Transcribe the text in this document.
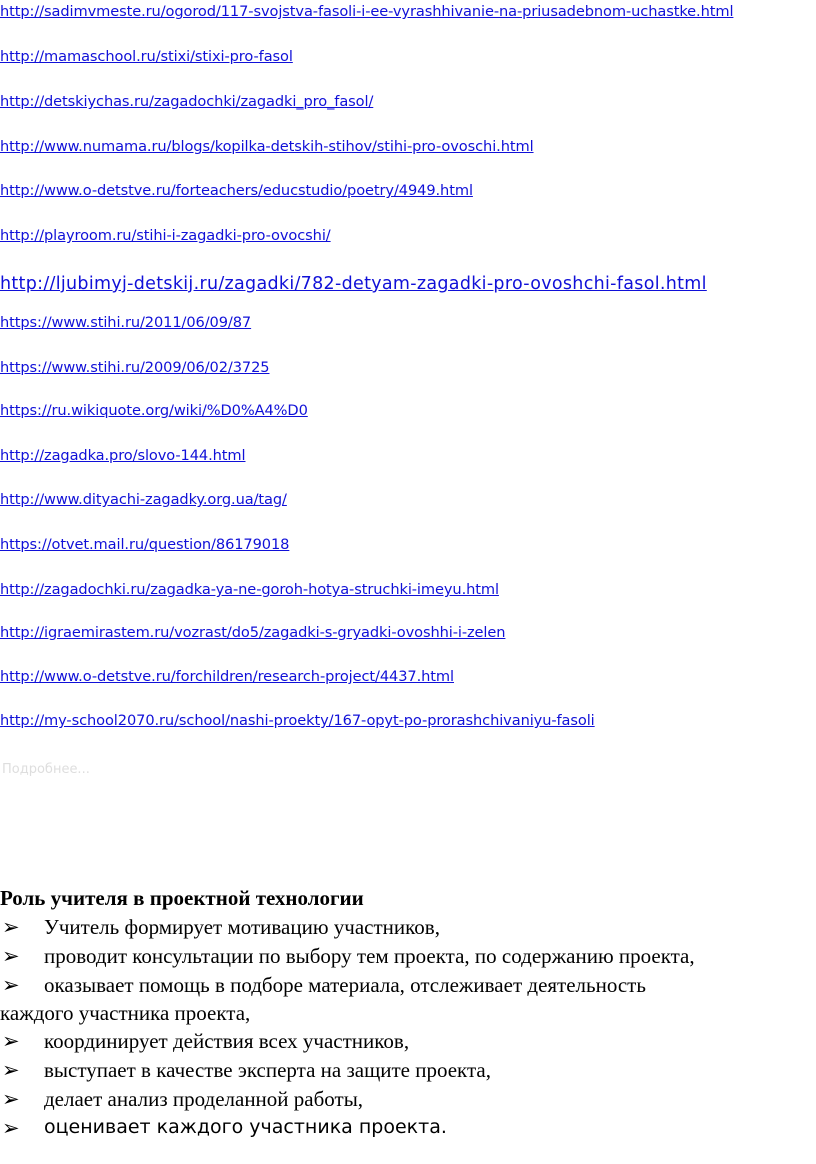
http://sadimvmeste.ru/ogorod/117-svojstva-fasoli-i-ee-vyrashhivanie-na-priusadebnom-uchastke.html
http://mamaschool.ru/stixi/stixi-pro-fasol
http://detskiychas.ru/zagadochki/zagadki_pro_fasol/
http://www.numama.ru/blogs/kopilka-detskih-stihov/stihi-pro-ovoschi.html
http://www.o-detstve.ru/forteachers/educstudio/poetry/4949.html
http://playroom.ru/stihi-i-zagadki-pro-ovocshi/
http://ljubimyj-detskij.ru/zagadki/782-detyam-zagadki-pro-ovoshchi-fasol.html
https://www.stihi.ru/2011/06/09/87
https://www.stihi.ru/2009/06/02/3725
https://ru.wikiquote.org/wiki/%D0%A4%D0
http://zagadka.pro/slovo-144.html
http://www.dityachi-zagadky.org.ua/tag/
https://otvet.mail.ru/question/86179018
http://zagadochki.ru/zagadka-ya-ne-goroh-hotya-struchki-imeyu.html
http://igraemirastem.ru/vozrast/do5/zagadki-s-gryadki-ovoshhi-i-zelen
http://www.o-detstve.ru/forchildren/research-project/4437.html
http://my-school2070.ru/school/nashi-proekty/167-opyt-po-prorashchivaniyu-fasoli
Подробнее...
Роль учителя в проектной технологии
➢ Учитель формирует мотивацию участников,
➢ проводит консультации по выбору тем проекта, по содержанию проекта,
➢ оказывает помощь в подборе материала, отслеживает деятельность
каждого участника проекта,
➢ координирует действия всех участников,
➢ выступает в качестве эксперта на защите проекта,
➢ делает анализ проделанной работы,
➢ оценивает каждого участника проекта.
